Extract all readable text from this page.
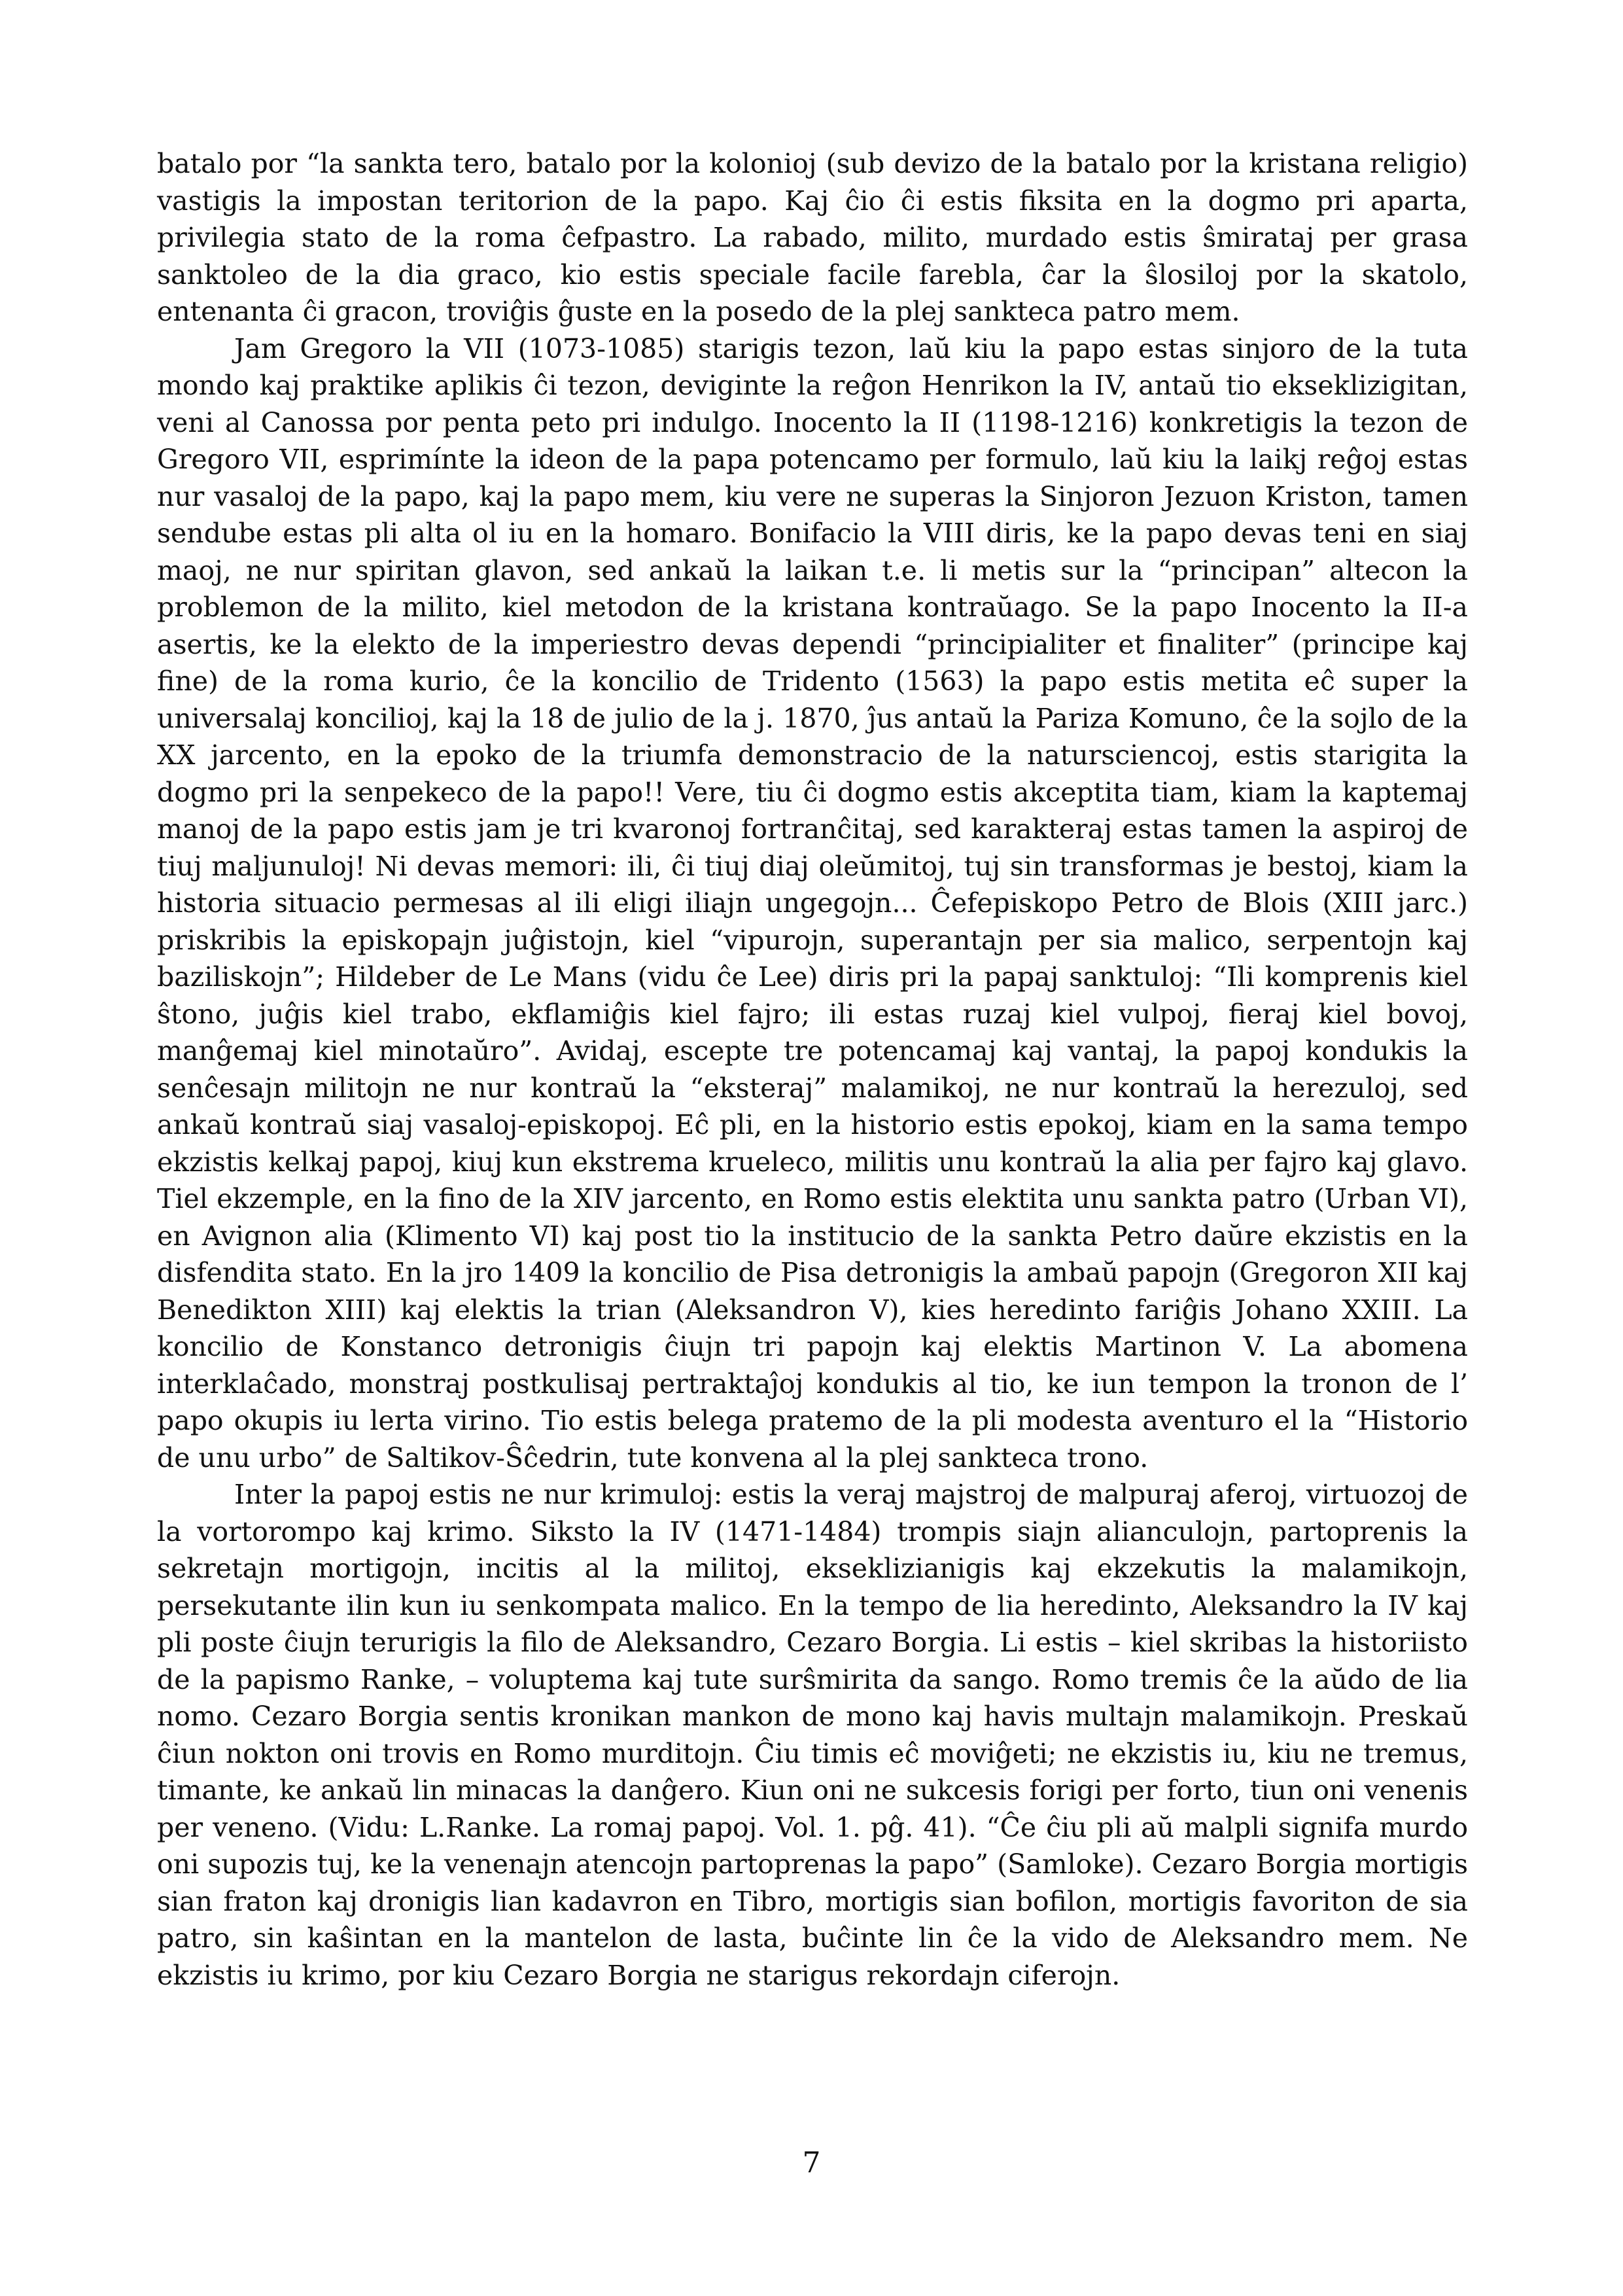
batalo por “la sankta tero, batalo por la kolonioj (sub devizo de la batalo por la kristana religio) vastigis la impostan teritorion de la papo. Kaj ĉio ĉi estis fiksita en la dogmo pri aparta, privilegia stato de la roma ĉefpastro. La rabado, milito, murdado estis ŝmirataj per grasa sanktoleo de la dia graco, kio estis speciale facile farebla, ĉar la ŝlosiloj por la skatolo, entenanta ĉi gracon, troviĝis ĝuste en la posedo de la plej sankteca patro mem.

Jam Gregoro la VII (1073-1085) starigis tezon, laŭ kiu la papo estas sinjoro de la tuta mondo kaj praktike aplikis ĉi tezon, deviginte la reĝon Henrikon la IV, antaŭ tio ekseklizigitan, veni al Canossa por penta peto pri indulgo. Inocento la II (1198-1216) konkretigis la tezon de Gregoro VII, esprimínte la ideon de la papa potencamo per formulo, laŭ kiu la laikj reĝoj estas nur vasaloj de la papo, kaj la papo mem, kiu vere ne superas la Sinjoron Jezuon Kriston, tamen sendube estas pli alta ol iu en la homaro. Bonifacio la VIII diris, ke la papo devas teni en siaj maoj, ne nur spiritan glavon, sed ankaŭ la laikan t.e. li metis sur la “principan” altecon la problemon de la milito, kiel metodon de la kristana kontraŭago. Se la papo Inocento la II-a asertis, ke la elekto de la imperiestro devas dependi “principialiter et finaliter” (principe kaj fine) de la roma kurio, ĉe la koncilio de Tridento (1563) la papo estis metita eĉ super la universalaj koncilioj, kaj la 18 de julio de la j. 1870, ĵus antaŭ la Pariza Komuno, ĉe la sojlo de la XX jarcento, en la epoko de la triumfa demonstracio de la natursciencoj, estis starigita la dogmo pri la senpekeco de la papo!! Vere, tiu ĉi dogmo estis akceptita tiam, kiam la kaptemaj manoj de la papo estis jam je tri kvaronoj fortranĉitaj, sed karakteraj estas tamen la aspiroj de tiuj maljunuloj! Ni devas memori: ili, ĉi tiuj diaj oleŭmitoj, tuj sin transformas je bestoj, kiam la historia situacio permesas al ili eligi iliajn ungegojn... Ĉefepiskopo Petro de Blois (XIII jarc.) priskribis la episkopajn juĝistojn, kiel “vipurojn, superantajn per sia malico, serpentojn kaj baziliskojn”; Hildeber de Le Mans (vidu ĉe Lee) diris pri la papaj sanktuloj: “Ili komprenis kiel ŝtono, juĝis kiel trabo, ekflamiĝis kiel fajro; ili estas ruzaj kiel vulpoj, fieraj kiel bovoj, manĝemaj kiel minotaŭro”. Avidaj, escepte tre potencamaj kaj vantaj, la papoj kondukis la senĉesajn militojn ne nur kontraŭ la “eksteraj” malamikoj, ne nur kontraŭ la herezuloj, sed ankaŭ kontraŭ siaj vasaloj-episkopoj. Eĉ pli, en la historio estis epokoj, kiam en la sama tempo ekzistis kelkaj papoj, kiuj kun ekstrema krueleco, militis unu kontraŭ la alia per fajro kaj glavo. Tiel ekzemple, en la fino de la XIV jarcento, en Romo estis elektita unu sankta patro (Urban VI), en Avignon alia (Klimento VI) kaj post tio la institucio de la sankta Petro daŭre ekzistis en la disfendita stato. En la jro 1409 la koncilio de Pisa detronigis la ambaŭ papojn (Gregoron XII kaj Benedikton XIII) kaj elektis la trian (Aleksandron V), kies heredinto fariĝis Johano XXIII. La koncilio de Konstanco detronigis ĉiujn tri papojn kaj elektis Martinon V. La abomena interklaĉado, monstraj postkulisaj pertraktaĵoj kondukis al tio, ke iun tempon la tronon de l’ papo okupis iu lerta virino. Tio estis belega pratemo de la pli modesta aventuro el la “Historio de unu urbo” de Saltikov-Ŝĉedrin, tute konvena al la plej sankteca trono.

Inter la papoj estis ne nur krimuloj: estis la veraj majstroj de malpuraj aferoj, virtuozoj de la vortorompo kaj krimo. Siksto la IV (1471-1484) trompis siajn alianculojn, partoprenis la sekretajn mortigojn, incitis al la militoj, ekseklizianigis kaj ekzekutis la malamikojn, persekutante ilin kun iu senkompata malico. En la tempo de lia heredinto, Aleksandro la IV kaj pli poste ĉiujn terurigis la filo de Aleksandro, Cezaro Borgia. Li estis – kiel skribas la historiisto de la papismo Ranke, – voluptema kaj tute surŝmirita da sango. Romo tremis ĉe la aŭdo de lia nomo. Cezaro Borgia sentis kronikan mankon de mono kaj havis multajn malamikojn. Preskaŭ ĉiun nokton oni trovis en Romo murditojn. Ĉiu timis eĉ moviĝeti; ne ekzistis iu, kiu ne tremus, timante, ke ankaŭ lin minacas la danĝero. Kiun oni ne sukcesis forigi per forto, tiun oni venenis per veneno. (Vidu: L.Ranke. La romaj papoj. Vol. 1. pĝ. 41). “Ĉe ĉiu pli aŭ malpli signifa murdo oni supozis tuj, ke la venenajn atencojn partoprenas la papo” (Samloke). Cezaro Borgia mortigis sian fraton kaj dronigis lian kadavron en Tibro, mortigis sian bofilon, mortigis favoriton de sia patro, sin kaŝintan en la mantelon de lasta, buĉinte lin ĉe la vido de Aleksandro mem. Ne ekzistis iu krimo, por kiu Cezaro Borgia ne starigus rekordajn ciferojn.

7
